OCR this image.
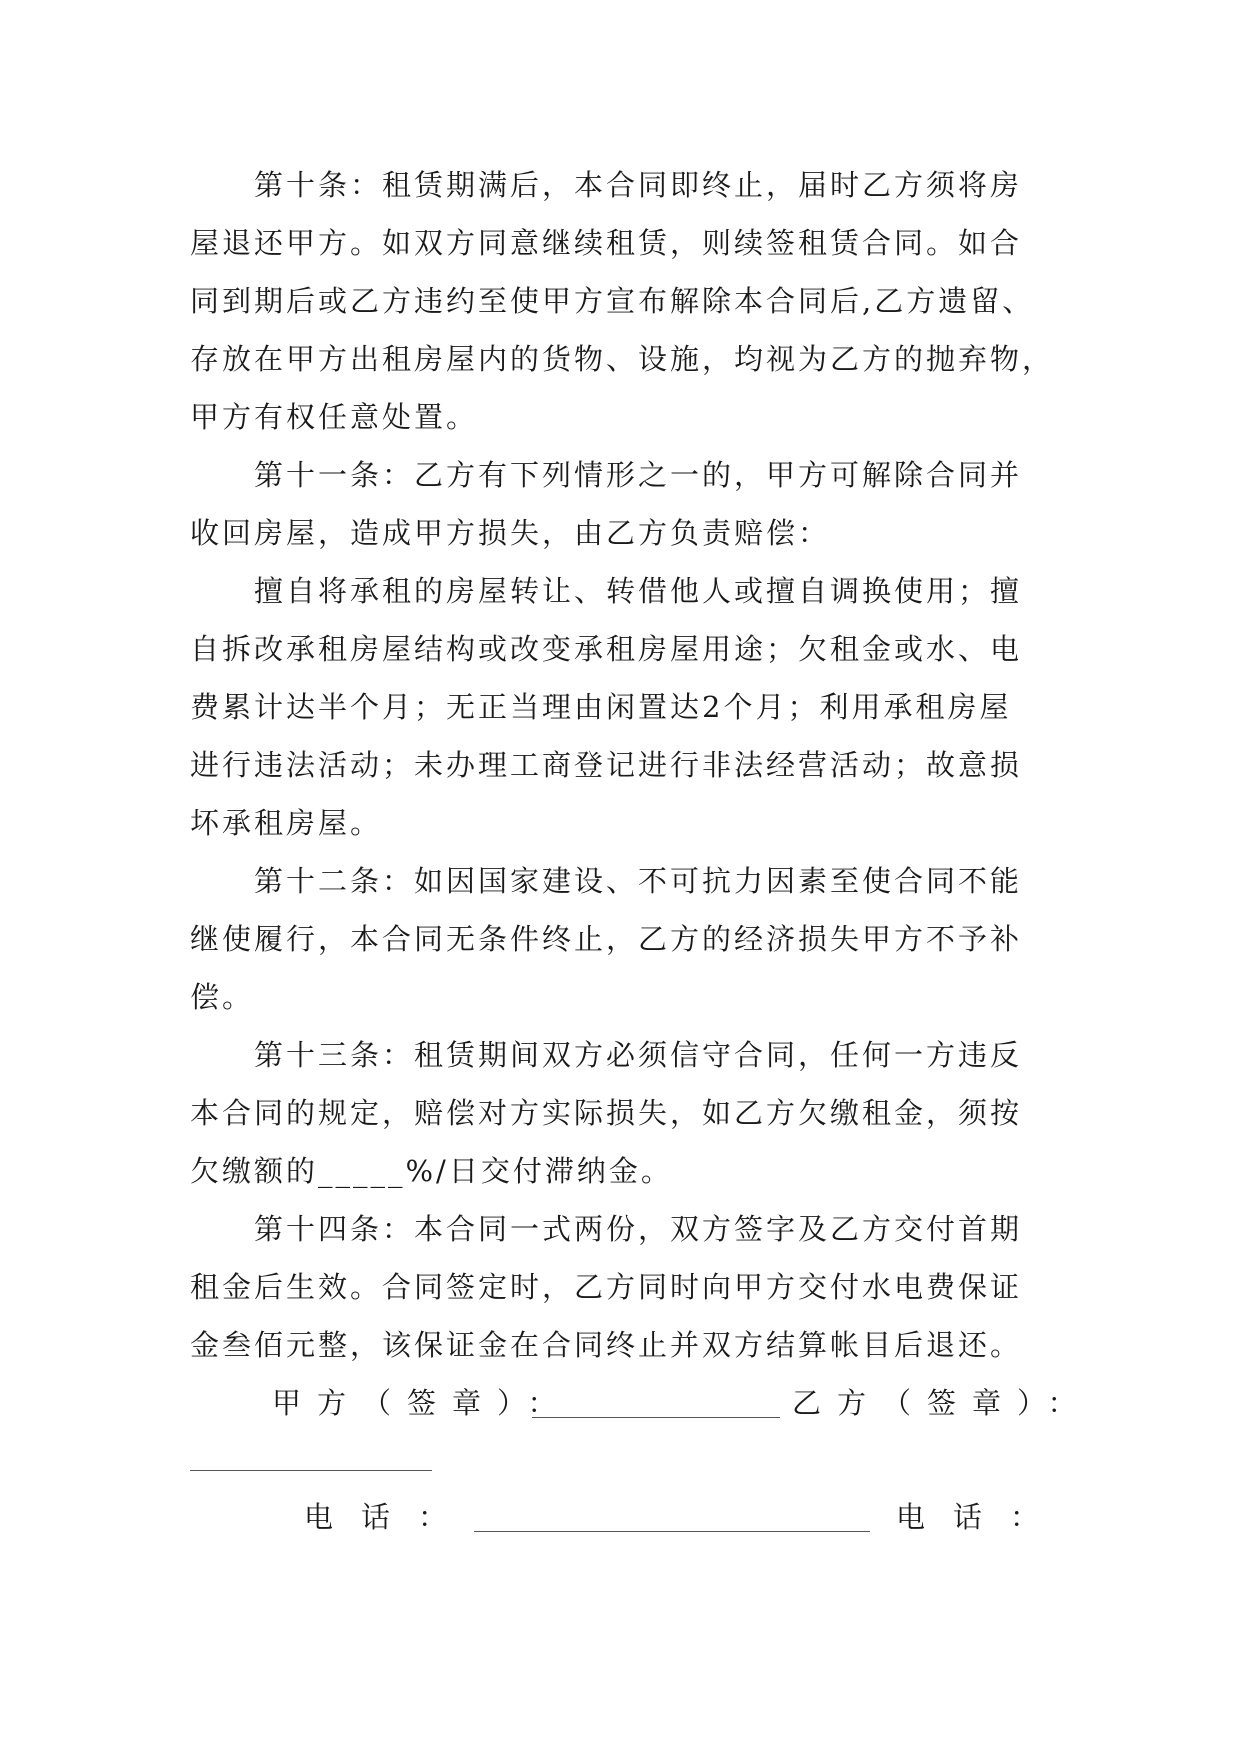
第十条：租赁期满后，本合同即终止，届时乙方须将房
屋退还甲方。如双方同意继续租赁，则续签租赁合同。如合
同到期后或乙方违约至使甲方宣布解除本合同后,乙方遗留、
存放在甲方出租房屋内的货物、设施，均视为乙方的抛弃物，
甲方有权任意处置。
第十一条：乙方有下列情形之一的，甲方可解除合同并
收回房屋，造成甲方损失，由乙方负责赔偿：
擅自将承租的房屋转让、转借他人或擅自调换使用；擅
自拆改承租房屋结构或改变承租房屋用途；欠租金或水、电
费累计达半个月；无正当理由闲置达2个月；利用承租房屋
进行违法活动；未办理工商登记进行非法经营活动；故意损
坏承租房屋。
第十二条：如因国家建设、不可抗力因素至使合同不能
继使履行，本合同无条件终止，乙方的经济损失甲方不予补
偿。
第十三条：租赁期间双方必须信守合同，任何一方违反
本合同的规定，赔偿对方实际损失，如乙方欠缴租金，须按
欠缴额的_____%/日交付滞纳金。
第十四条：本合同一式两份，双方签字及乙方交付首期
租金后生效。合同签定时，乙方同时向甲方交付水电费保证
金叁佰元整，该保证金在合同终止并双方结算帐目后退还。
甲方（签章）：	乙方（签章）：
电话：	电话：
